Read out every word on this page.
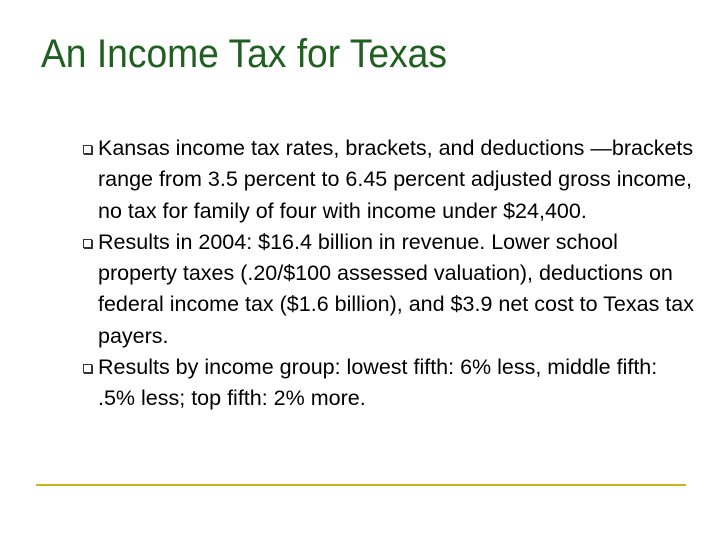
An Income Tax for Texas
Kansas income tax rates, brackets, and deductions —brackets range from 3.5 percent to 6.45 percent adjusted gross income, no tax for family of four with income under $24,400.
Results in 2004: $16.4 billion in revenue. Lower school property taxes (.20/$100 assessed valuation), deductions on federal income tax ($1.6 billion), and $3.9 net cost to Texas tax payers.
Results by income group: lowest fifth: 6% less, middle fifth: .5% less; top fifth: 2% more.
